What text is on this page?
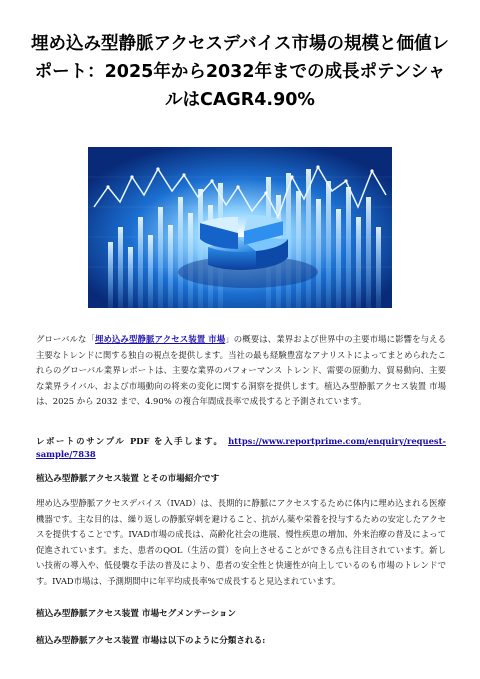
埋め込み型静脈アクセスデバイス市場の規模と価値レポート：2025年から2032年までの成長ポテンシャルはCAGR4.90%

グローバルな「埋め込み型静脈アクセス装置 市場」の概要は、業界および世界中の主要市場に影響を与える主要なトレンドに関する独自の視点を提供します。当社の最も経験豊富なアナリストによってまとめられたこれらのグローバル業界レポートは、主要な業界のパフォーマンス トレンド、需要の原動力、貿易動向、主要な業界ライバル、および市場動向の将来の変化に関する洞察を提供します。植込み型静脈アクセス装置 市場は、2025 から 2032 まで、4.90% の複合年間成長率で成長すると予測されています。

レポートのサンプル PDF を入手します。 https://www.reportprime.com/enquiry/request-sample/7838

植込み型静脈アクセス装置 とその市場紹介です

埋め込み型静脈アクセスデバイス（IVAD）は、長期的に静脈にアクセスするために体内に埋め込まれる医療機器です。主な目的は、繰り返しの静脈穿刺を避けること、抗がん薬や栄養を投与するための安定したアクセスを提供することです。IVAD市場の成長は、高齢化社会の進展、慢性疾患の増加、外来治療の普及によって促進されています。また、患者のQOL（生活の質）を向上させることができる点も注目されています。新しい技術の導入や、低侵襲な手法の普及により、患者の安全性と快適性が向上しているのも市場のトレンドです。IVAD市場は、予測期間中に年平均成長率%で成長すると見込まれています。

植込み型静脈アクセス装置 市場セグメンテーション
植込み型静脈アクセス装置 市場は以下のように分類される:
